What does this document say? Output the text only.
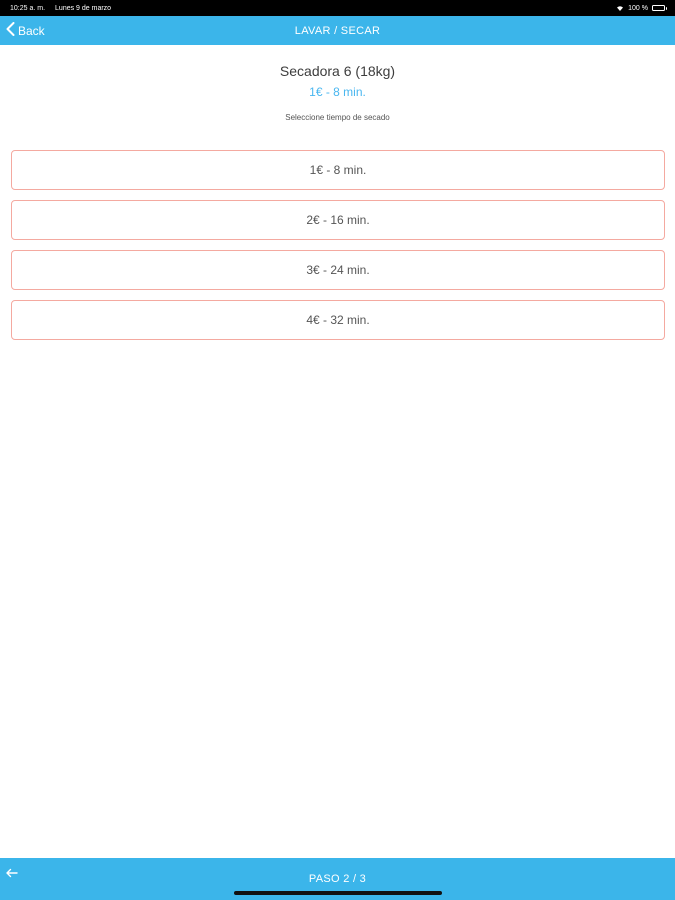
10:25 a. m. Lunes 9 de marzo	100 %
Back	LAVAR / SECAR
Secadora 6 (18kg)
1€ - 8 min.
Seleccione tiempo de secado
1€ - 8 min.
2€ - 16 min.
3€ - 24 min.
4€ - 32 min.
PASO 2 / 3
